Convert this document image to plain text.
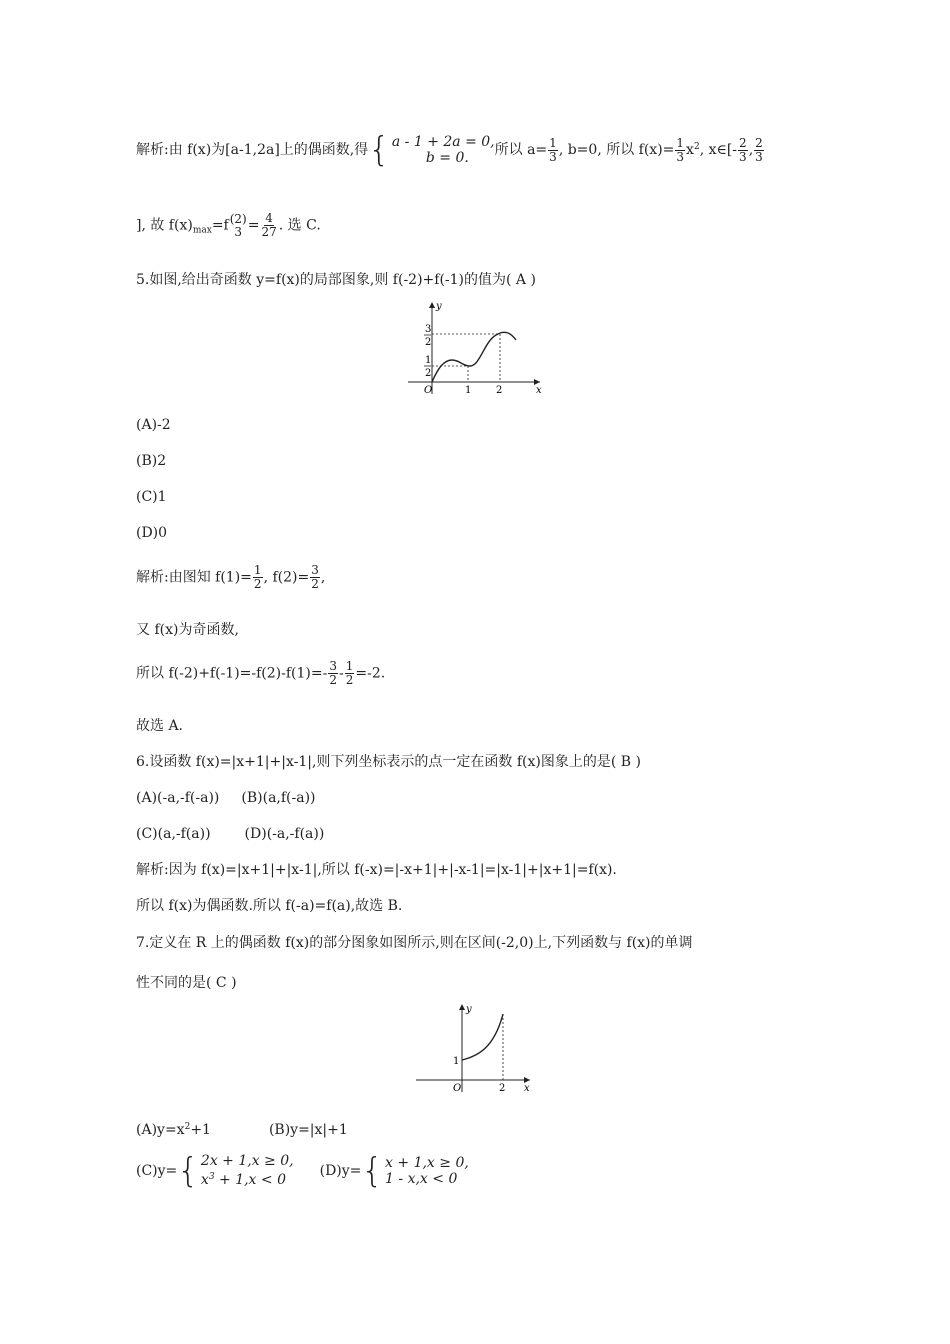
解析:由 f(x)为[a-1,2a]上的偶函数,得 { a - 1 + 2a = 0,
b = 0.	所以 $a= \frac{1}{3}$ , b=0, 所以 $f(x)= \frac{1}{3} x^2$, x∈[- $\frac{2}{3}$ , $\frac{2}{3}$
], 故 $f(x)_{max}=f$ (2)
$3 = \frac{4}{27}$ . 选 C.
5.如图,给出奇函数 y=f(x)的局部图象,则 f(-2)+f(-1)的值为( A )
y
x
O	1 2
3
2
1
2
(A)-2
(B)2
(C)1
(D)0
解析:由图知 $f(1)= \frac{1}{2}$ , $f(2)= \frac{3}{2}$ ,
又 f(x)为奇函数,
所以 $f(-2)+f(-1)=-f(2)-f(1)=- \frac{3}{2} - \frac{1}{2} =-2$.
故选 A.
6.设函数 f(x)=|x+1|+|x-1|,则下列坐标表示的点一定在函数 f(x)图象上的是( B )
(A)(-a,-f(-a)) (B)(a,f(-a))
(C)(a,-f(a)) (D)(-a,-f(a))
解析:因为 f(x)=|x+1|+|x-1|,所以 f(-x)=|-x+1|+|-x-1|=|x-1|+|x+1|=f(x).
所以 f(x)为偶函数.所以 f(-a)=f(a),故选 B.
7.定义在 R 上的偶函数 f(x)的部分图象如图所示,则在区间(-2,0)上,下列函数与 f(x)的单调
性不同的是( C )
y
x
O
1
2
$(A)y=x^2+1$	(B)y=|x|+1
(C)y= { 2x + 1,x ≥ 0,
$x^3 + 1,x < 0$
(D)y= { x + 1,x ≥ 0,
1 - x,x < 0
